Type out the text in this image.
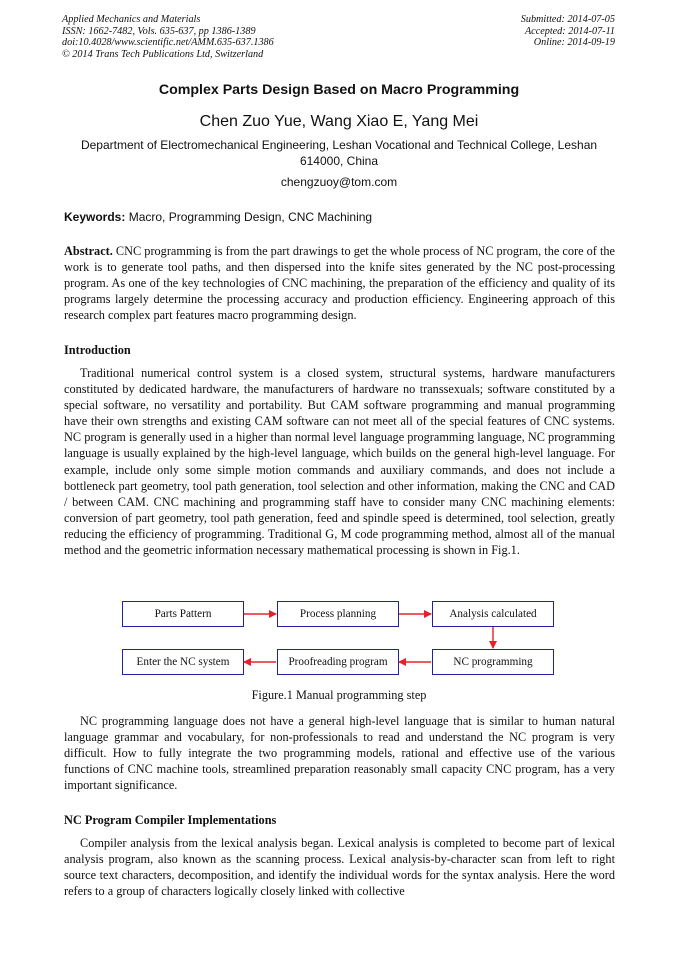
Applied Mechanics and Materials
ISSN: 1662-7482, Vols. 635-637, pp 1386-1389
doi:10.4028/www.scientific.net/AMM.635-637.1386
© 2014 Trans Tech Publications Ltd, Switzerland
Submitted: 2014-07-05
Accepted: 2014-07-11
Online: 2014-09-19
Complex Parts Design Based on Macro Programming
Chen Zuo Yue, Wang Xiao E, Yang Mei
Department of Electromechanical Engineering, Leshan Vocational and Technical College, Leshan 614000, China
chengzuoy@tom.com
Keywords: Macro, Programming Design, CNC Machining
Abstract. CNC programming is from the part drawings to get the whole process of NC program, the core of the work is to generate tool paths, and then dispersed into the knife sites generated by the NC post-processing program. As one of the key technologies of CNC machining, the preparation of the efficiency and quality of its programs largely determine the processing accuracy and production efficiency. Engineering approach of this research complex part features macro programming design.
Introduction
Traditional numerical control system is a closed system, structural systems, hardware manufacturers constituted by dedicated hardware, the manufacturers of hardware no transsexuals; software constituted by a special software, no versatility and portability. But CAM software programming and manual programming have their own strengths and existing CAM software can not meet all of the special features of CNC systems. NC program is generally used in a higher than normal level language programming language, NC programming language is usually explained by the high-level language, which builds on the general high-level language. For example, include only some simple motion commands and auxiliary commands, and does not include a bottleneck part geometry, tool path generation, tool selection and other information, making the CNC and CAD / between CAM. CNC machining and programming staff have to consider many CNC machining elements: conversion of part geometry, tool path generation, feed and spindle speed is determined, tool selection, greatly reducing the efficiency of programming. Traditional G, M code programming method, almost all of the manual method and the geometric information necessary mathematical processing is shown in Fig.1.
Parts Pattern	Process planning	Analysis calculated
Enter the NC system	Proofreading program	NC programming
Figure.1 Manual programming step
NC programming language does not have a general high-level language that is similar to human natural language grammar and vocabulary, for non-professionals to read and understand the NC program is very difficult. How to fully integrate the two programming models, rational and effective use of the various functions of CNC machine tools, streamlined preparation reasonably small capacity CNC program, has a very important significance.
NC Program Compiler Implementations
Compiler analysis from the lexical analysis began. Lexical analysis is completed to become part of lexical analysis program, also known as the scanning process. Lexical analysis-by-character scan from left to right source text characters, decomposition, and identify the individual words for the syntax analysis. Here the word refers to a group of characters logically closely linked with collective
